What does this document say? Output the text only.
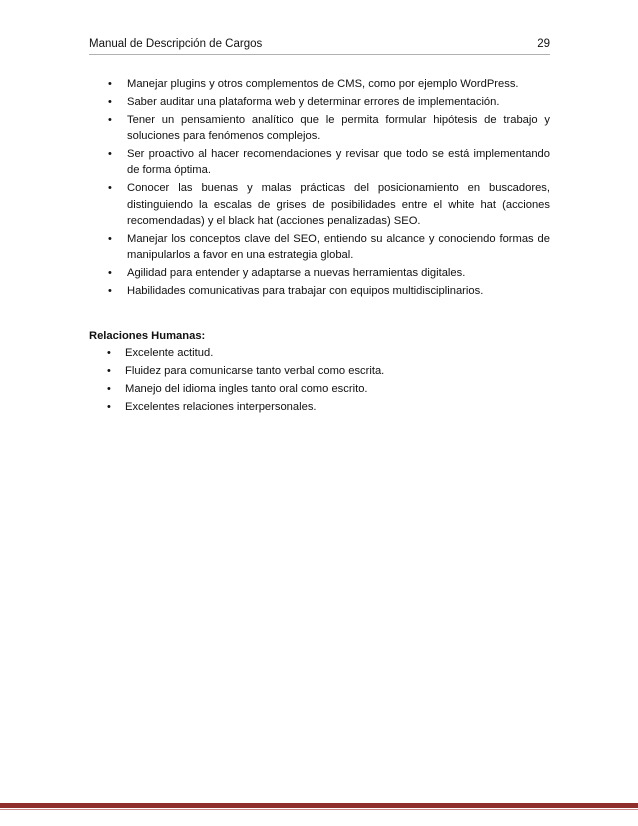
Manual de Descripción de Cargos	29
• Manejar plugins y otros complementos de CMS, como por ejemplo WordPress.
• Saber auditar una plataforma web y determinar errores de implementación.
• Tener un pensamiento analítico que le permita formular hipótesis de trabajo y soluciones para fenómenos complejos.
• Ser proactivo al hacer recomendaciones y revisar que todo se está implementando de forma óptima.
• Conocer las buenas y malas prácticas del posicionamiento en buscadores, distinguiendo la escalas de grises de posibilidades entre el white hat (acciones recomendadas) y el black hat (acciones penalizadas) SEO.
• Manejar los conceptos clave del SEO, entiendo su alcance y conociendo formas de manipularlos a favor en una estrategia global.
• Agilidad para entender y adaptarse a nuevas herramientas digitales.
• Habilidades comunicativas para trabajar con equipos multidisciplinarios.
Relaciones Humanas:
• Excelente actitud.
• Fluidez para comunicarse tanto verbal como escrita.
• Manejo del idioma ingles tanto oral como escrito.
• Excelentes relaciones interpersonales.
